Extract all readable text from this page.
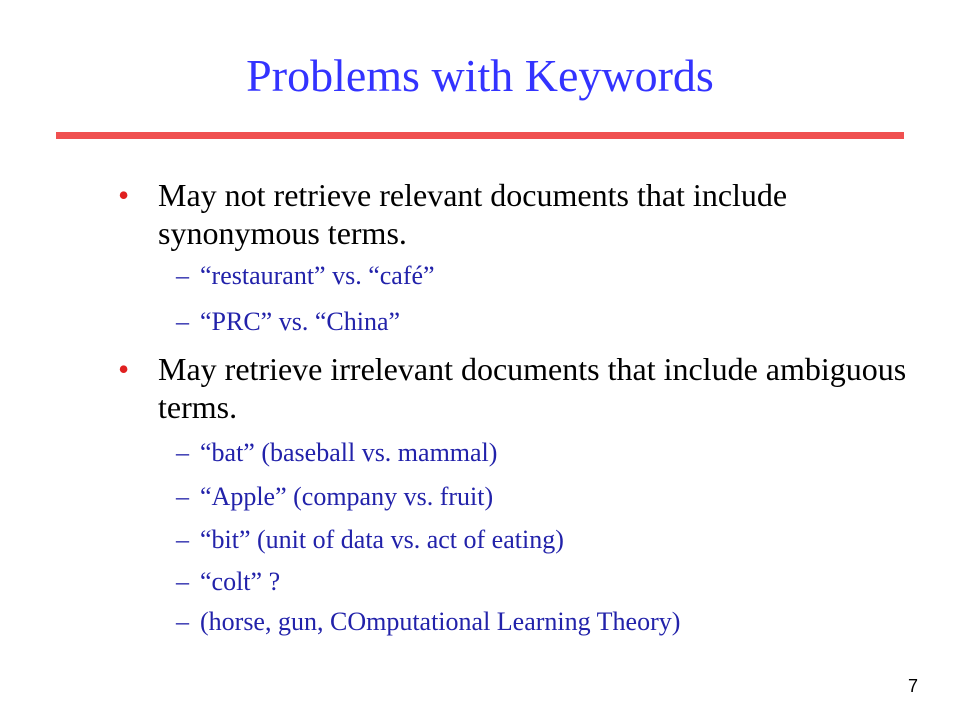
Problems with Keywords
• May not retrieve relevant documents that include synonymous terms.
– “restaurant” vs. “café”
– “PRC” vs. “China”
• May retrieve irrelevant documents that include ambiguous terms.
– “bat” (baseball vs. mammal)
– “Apple” (company vs. fruit)
– “bit” (unit of data vs. act of eating)
– “colt” ?
– (horse, gun, COmputational Learning Theory)
7
